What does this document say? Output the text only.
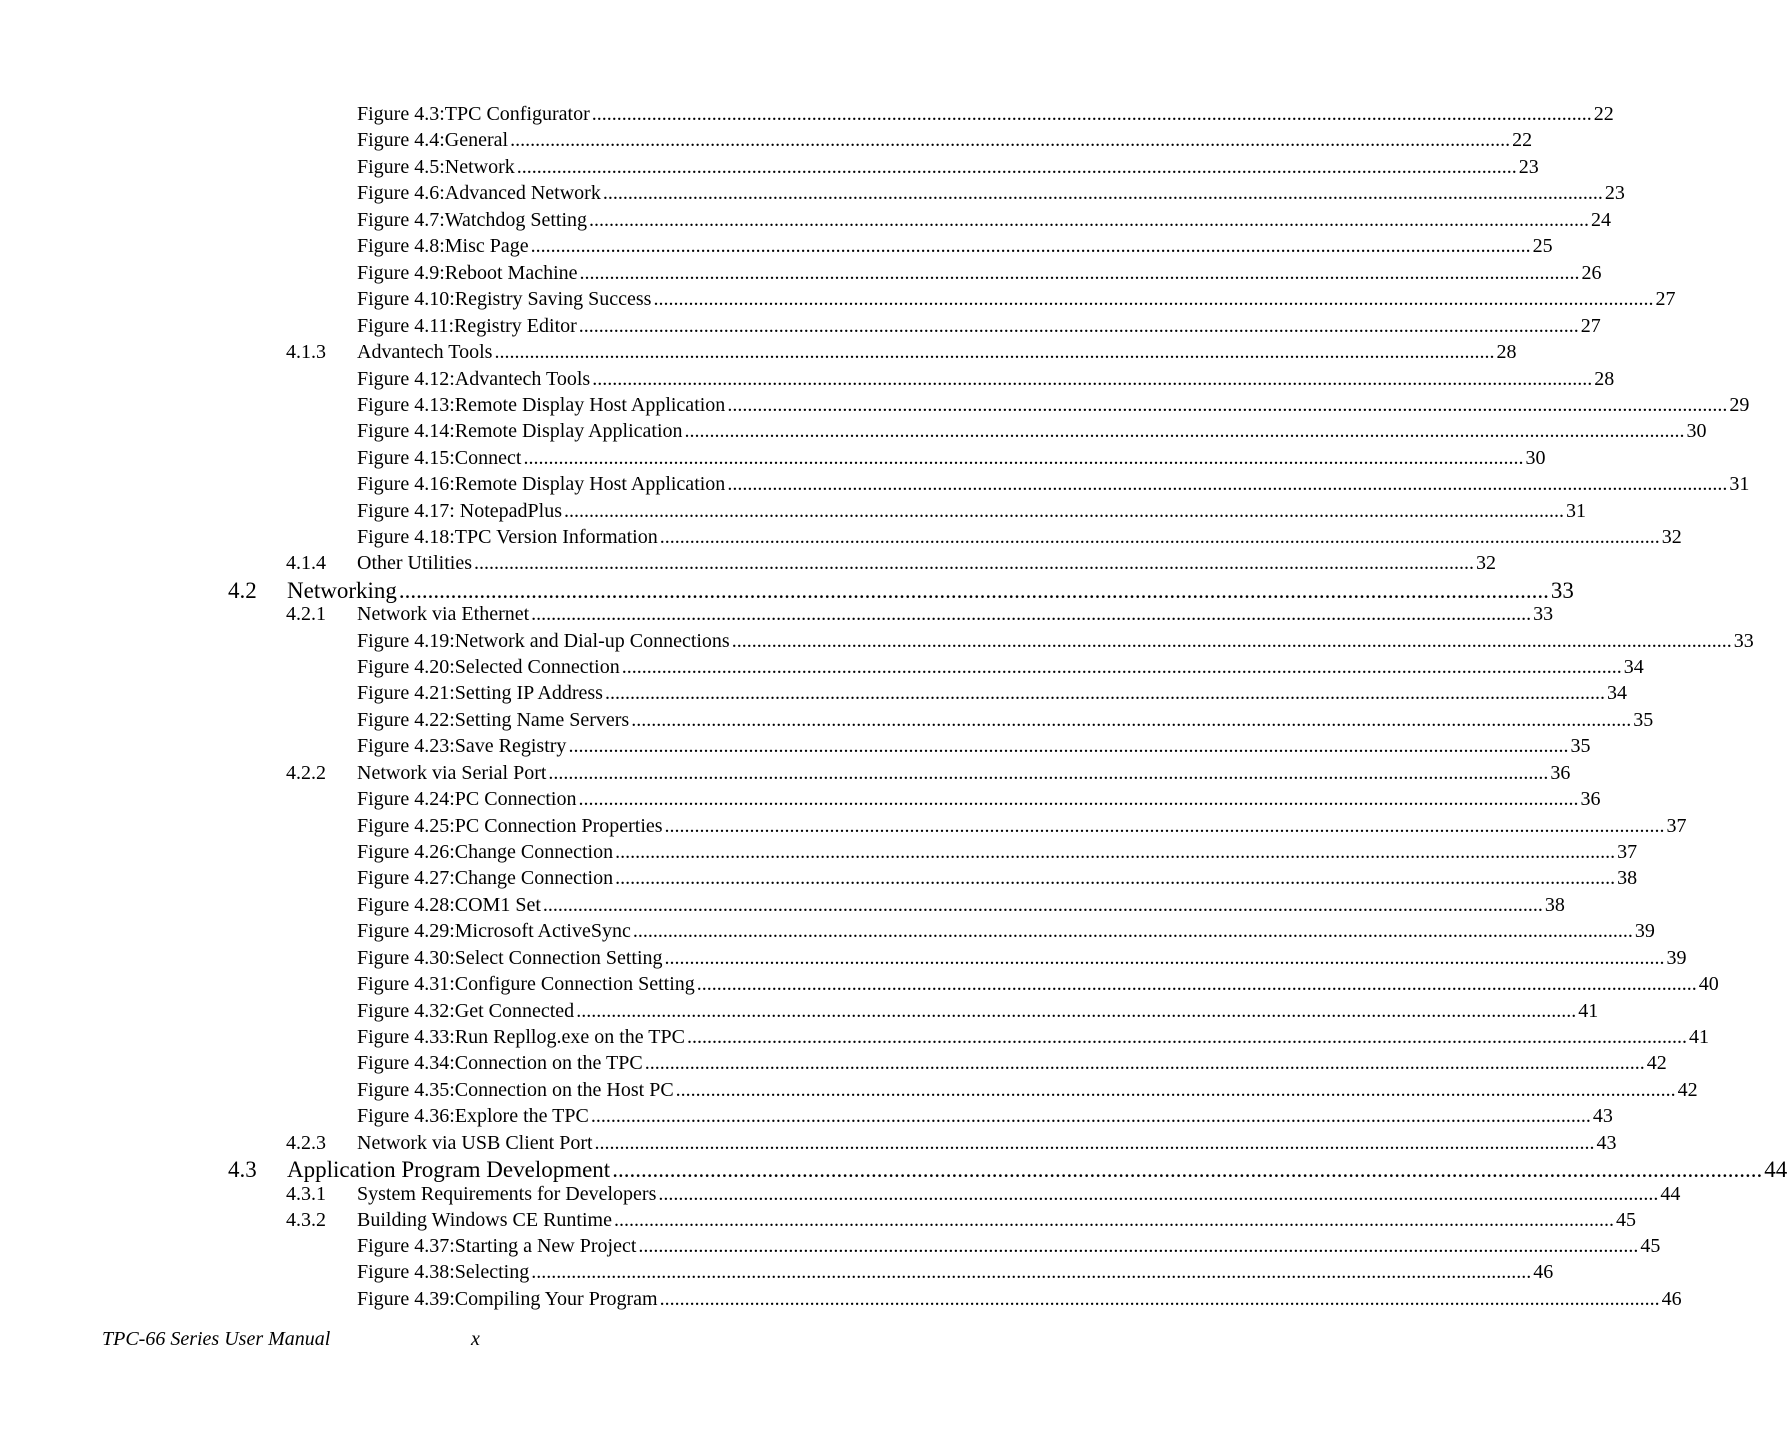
Figure 4.3:TPC Configurator ........................................................................................................................................................................................................ 22
Figure 4.4:General ........................................................................................................................................................................................................ 22
Figure 4.5:Network ........................................................................................................................................................................................................ 23
Figure 4.6:Advanced Network ........................................................................................................................................................................................................ 23
Figure 4.7:Watchdog Setting ........................................................................................................................................................................................................ 24
Figure 4.8:Misc Page ........................................................................................................................................................................................................ 25
Figure 4.9:Reboot Machine ........................................................................................................................................................................................................ 26
Figure 4.10:Registry Saving Success ........................................................................................................................................................................................................ 27
Figure 4.11:Registry Editor ........................................................................................................................................................................................................ 27
4.1.3 Advantech Tools ........................................................................................................................................................................................................ 28
Figure 4.12:Advantech Tools ........................................................................................................................................................................................................ 28
Figure 4.13:Remote Display Host Application ........................................................................................................................................................................................................ 29
Figure 4.14:Remote Display Application ........................................................................................................................................................................................................ 30
Figure 4.15:Connect ........................................................................................................................................................................................................ 30
Figure 4.16:Remote Display Host Application ........................................................................................................................................................................................................ 31
Figure 4.17: NotepadPlus ........................................................................................................................................................................................................ 31
Figure 4.18:TPC Version Information ........................................................................................................................................................................................................ 32
4.1.4 Other Utilities ........................................................................................................................................................................................................ 32
4.2 Networking ........................................................................................................................................................................................................ 33
4.2.1 Network via Ethernet ........................................................................................................................................................................................................ 33
Figure 4.19:Network and Dial-up Connections ........................................................................................................................................................................................................ 33
Figure 4.20:Selected Connection ........................................................................................................................................................................................................ 34
Figure 4.21:Setting IP Address ........................................................................................................................................................................................................ 34
Figure 4.22:Setting Name Servers ........................................................................................................................................................................................................ 35
Figure 4.23:Save Registry ........................................................................................................................................................................................................ 35
4.2.2 Network via Serial Port ........................................................................................................................................................................................................ 36
Figure 4.24:PC Connection ........................................................................................................................................................................................................ 36
Figure 4.25:PC Connection Properties ........................................................................................................................................................................................................ 37
Figure 4.26:Change Connection ........................................................................................................................................................................................................ 37
Figure 4.27:Change Connection ........................................................................................................................................................................................................ 38
Figure 4.28:COM1 Set ........................................................................................................................................................................................................ 38
Figure 4.29:Microsoft ActiveSync ........................................................................................................................................................................................................ 39
Figure 4.30:Select Connection Setting ........................................................................................................................................................................................................ 39
Figure 4.31:Configure Connection Setting ........................................................................................................................................................................................................ 40
Figure 4.32:Get Connected ........................................................................................................................................................................................................ 41
Figure 4.33:Run Repllog.exe on the TPC ........................................................................................................................................................................................................ 41
Figure 4.34:Connection on the TPC ........................................................................................................................................................................................................ 42
Figure 4.35:Connection on the Host PC ........................................................................................................................................................................................................ 42
Figure 4.36:Explore the TPC ........................................................................................................................................................................................................ 43
4.2.3 Network via USB Client Port ........................................................................................................................................................................................................ 43
4.3 Application Program Development ........................................................................................................................................................................................................ 44
4.3.1 System Requirements for Developers ........................................................................................................................................................................................................ 44
4.3.2 Building Windows CE Runtime ........................................................................................................................................................................................................ 45
Figure 4.37:Starting a New Project ........................................................................................................................................................................................................ 45
Figure 4.38:Selecting ........................................................................................................................................................................................................ 46
Figure 4.39:Compiling Your Program ........................................................................................................................................................................................................ 46
TPC-66 Series User Manual	x
